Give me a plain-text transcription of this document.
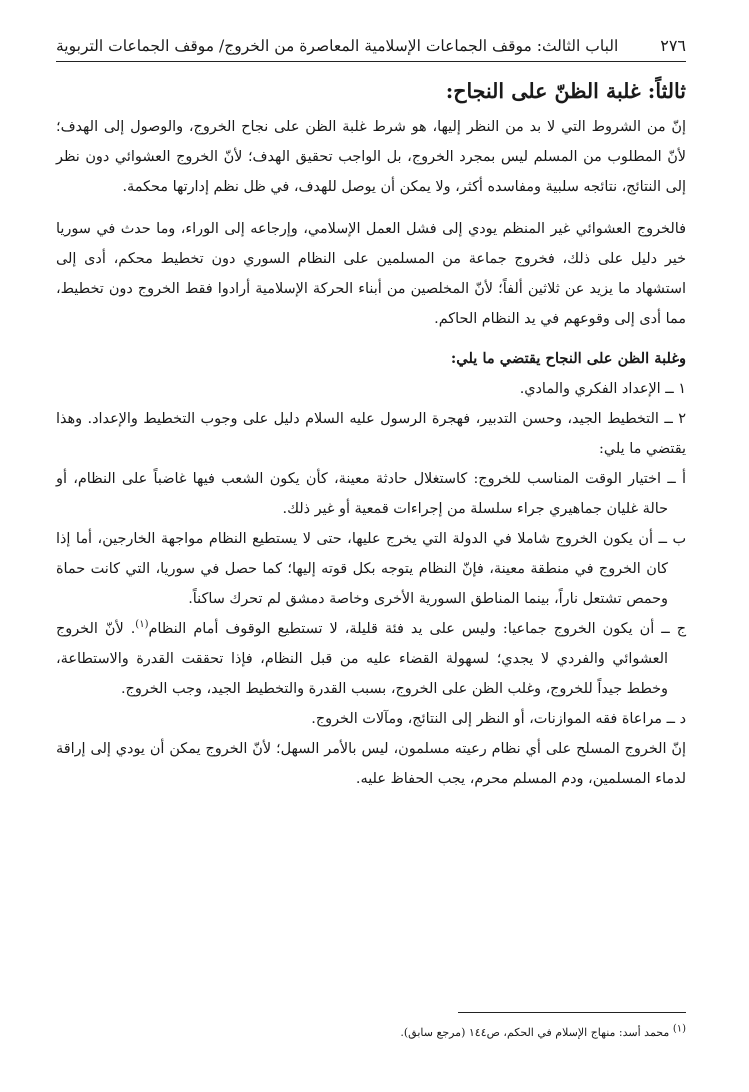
٢٧٦
الباب الثالث: موقف الجماعات الإسلامية المعاصرة من الخروج/ موقف الجماعات التربوية
ثالثاً: غلبة الظنّ على النجاح:

إنّ من الشروط التي لا بد من النظر إليها، هو شرط غلبة الظن على نجاح الخروج، والوصول إلى الهدف؛ لأنّ المطلوب من المسلم ليس بمجرد الخروج، بل الواجب تحقيق الهدف؛ لأنّ الخروج العشوائي دون نظر إلى النتائج، نتائجه سلبية ومفاسده أكثر، ولا يمكن أن يوصل للهدف، في ظل نظم إدارتها محكمة.

فالخروج العشوائي غير المنظم يودي إلى فشل العمل الإسلامي، وإرجاعه إلى الوراء، وما حدث في سوريا خير دليل على ذلك، فخروج جماعة من المسلمين على النظام السوري دون تخطيط محكم، أدى إلى استشهاد ما يزيد عن ثلاثين ألفاً؛ لأنّ المخلصين من أبناء الحركة الإسلامية أرادوا فقط الخروج دون تخطيط، مما أدى إلى وقوعهم في يد النظام الحاكم.

وغلبة الظن على النجاح يقتضي ما يلي:

١ ــ الإعداد الفكري والمادي.

٢ ــ التخطيط الجيد، وحسن التدبير، فهجرة الرسول عليه السلام دليل على وجوب التخطيط والإعداد. وهذا يقتضي ما يلي:

أ ــ اختيار الوقت المناسب للخروج: كاستغلال حادثة معينة، كأن يكون الشعب فيها غاضباً على النظام، أو حالة غليان جماهيري جراء سلسلة من إجراءات قمعية أو غير ذلك.

ب ــ أن يكون الخروج شاملا في الدولة التي يخرج عليها، حتى لا يستطيع النظام مواجهة الخارجين، أما إذا كان الخروج في منطقة معينة، فإنّ النظام يتوجه بكل قوته إليها؛ كما حصل في سوريا، التي كانت حماة وحمص تشتعل ناراً، بينما المناطق السورية الأخرى وخاصة دمشق لم تحرك ساكناً.

ج ــ أن يكون الخروج جماعيا: وليس على يد فئة قليلة، لا تستطيع الوقوف أمام النظام$^{(١)}$. لأنّ الخروج العشوائي والفردي لا يجدي؛ لسهولة القضاء عليه من قبل النظام، فإذا تحققت القدرة والاستطاعة، وخطط جيداً للخروج، وغلب الظن على الخروج، بسبب القدرة والتخطيط الجيد، وجب الخروج.

د ــ مراعاة فقه الموازنات، أو النظر إلى النتائج، ومآلات الخروج.

إنّ الخروج المسلح على أي نظام رعيته مسلمون، ليس بالأمر السهل؛ لأنّ الخروج يمكن أن يودي إلى إراقة لدماء المسلمين، ودم المسلم محرم، يجب الحفاظ عليه.

$^{(١)}$ محمد أسد: منهاج الإسلام في الحكم، ص١٤٤ (مرجع سابق).
